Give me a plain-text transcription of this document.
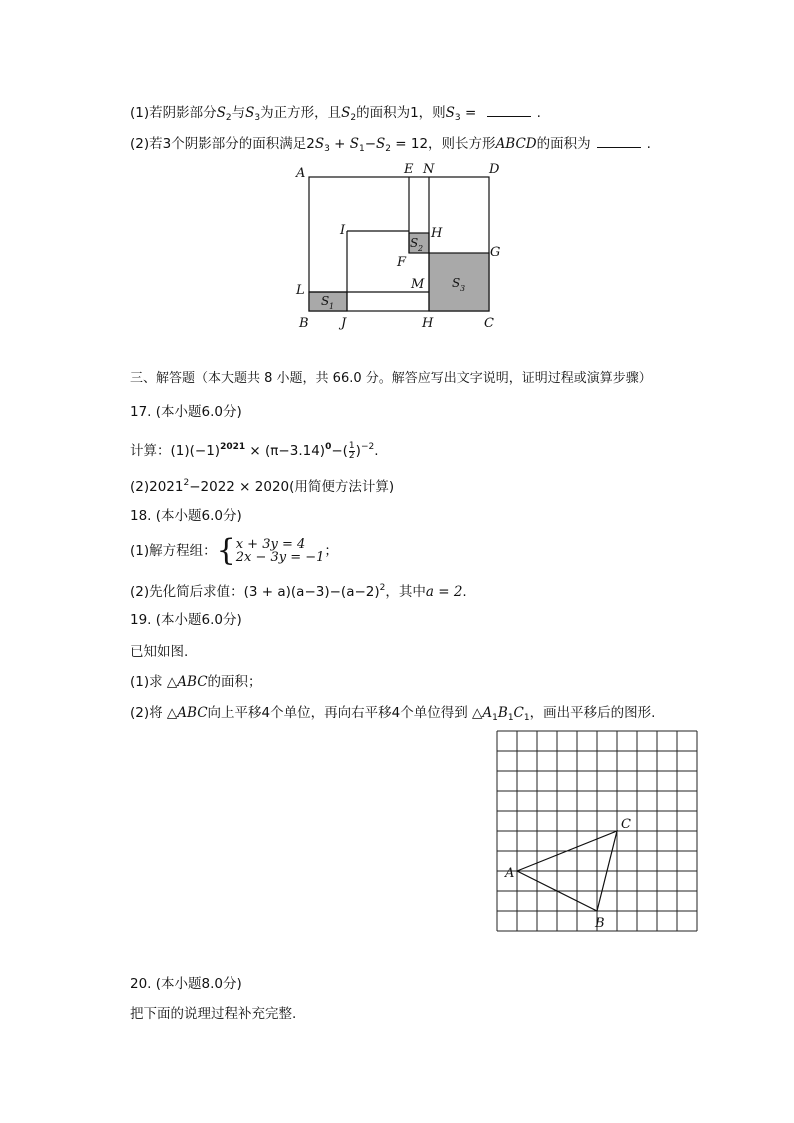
(1)若阴影部分$S_2$与$S_3$为正方形，且$S_2$的面积为1，则$S_3$ =	.
(2)若3个阴影部分的面积满足$2S_3 + S_1-S_2 = 12$，则长方形ABCD的面积为	.
A	E N	D
I	H
S 2	G
F
S 3
L	M
S 1
B J	H	C
三、解答题（本大题共 8 小题，共 66.0 分。解答应写出文字说明，证明过程或演算步骤）
17. (本小题6.0分)
计算：$(1)(-1)^{2021} \times (\pi-3.14)^0-( \frac{1}{2} )^{-2}$.
$(2)2021^2-2022 \times 2020$(用简便方法计算)
18. (本小题6.0分)
(1)解方程组：{x + 3y = 4
2x − 3y = −1；
(2)先化简后求值：$(3 + a)(a-3)-(a-2)^2$，其中a = 2.
19. (本小题6.0分)
已知如图.
(1)求 △ABC的面积；
(2)将 △ABC向上平移4个单位，再向右平移4个单位得到 $\triangle A_1B_1C_1$，画出平移后的图形.
A
B
C
20. (本小题8.0分)
把下面的说理过程补充完整.
